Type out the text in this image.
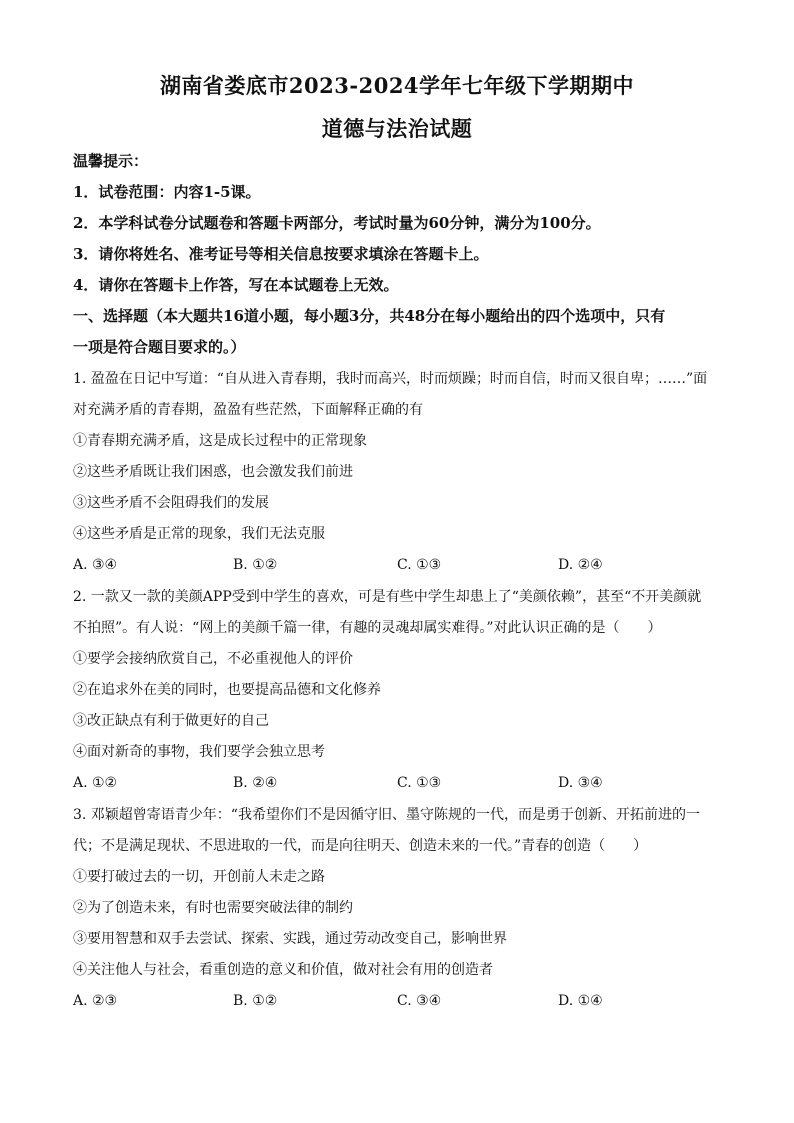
湖南省娄底市2023-2024学年七年级下学期期中
道德与法治试题
温馨提示：
1．试卷范围：内容1-5课。
2．本学科试卷分试题卷和答题卡两部分，考试时量为60分钟，满分为100分。
3．请你将姓名、准考证号等相关信息按要求填涂在答题卡上。
4．请你在答题卡上作答，写在本试题卷上无效。
一、选择题（本大题共16道小题，每小题3分，共48分在每小题给出的四个选项中，只有
一项是符合题目要求的。）
1. 盈盈在日记中写道：“自从进入青春期，我时而高兴，时而烦躁；时而自信，时而又很自卑；……”面
对充满矛盾的青春期，盈盈有些茫然，下面解释正确的有
①青春期充满矛盾，这是成长过程中的正常现象
②这些矛盾既让我们困惑，也会激发我们前进
③这些矛盾不会阻碍我们的发展
④这些矛盾是正常的现象，我们无法克服
A. ③④	B. ①②	C. ①③	D. ②④
2. 一款又一款的美颜APP受到中学生的喜欢，可是有些中学生却患上了“美颜依赖”，甚至“不开美颜就
不拍照”。有人说：“网上的美颜千篇一律，有趣的灵魂却属实难得。”对此认识正确的是（　　）
①要学会接纳欣赏自己，不必重视他人的评价
②在追求外在美的同时，也要提高品德和文化修养
③改正缺点有利于做更好的自己
④面对新奇的事物，我们要学会独立思考
A. ①②	B. ②④	C. ①③	D. ③④
3. 邓颖超曾寄语青少年：“我希望你们不是因循守旧、墨守陈规的一代，而是勇于创新、开拓前进的一
代；不是满足现状、不思进取的一代，而是向往明天、创造未来的一代。”青春的创造（　　）
①要打破过去的一切，开创前人未走之路
②为了创造未来，有时也需要突破法律的制约
③要用智慧和双手去尝试、探索、实践，通过劳动改变自己，影响世界
④关注他人与社会，看重创造的意义和价值，做对社会有用的创造者
A. ②③	B. ①②	C. ③④	D. ①④
